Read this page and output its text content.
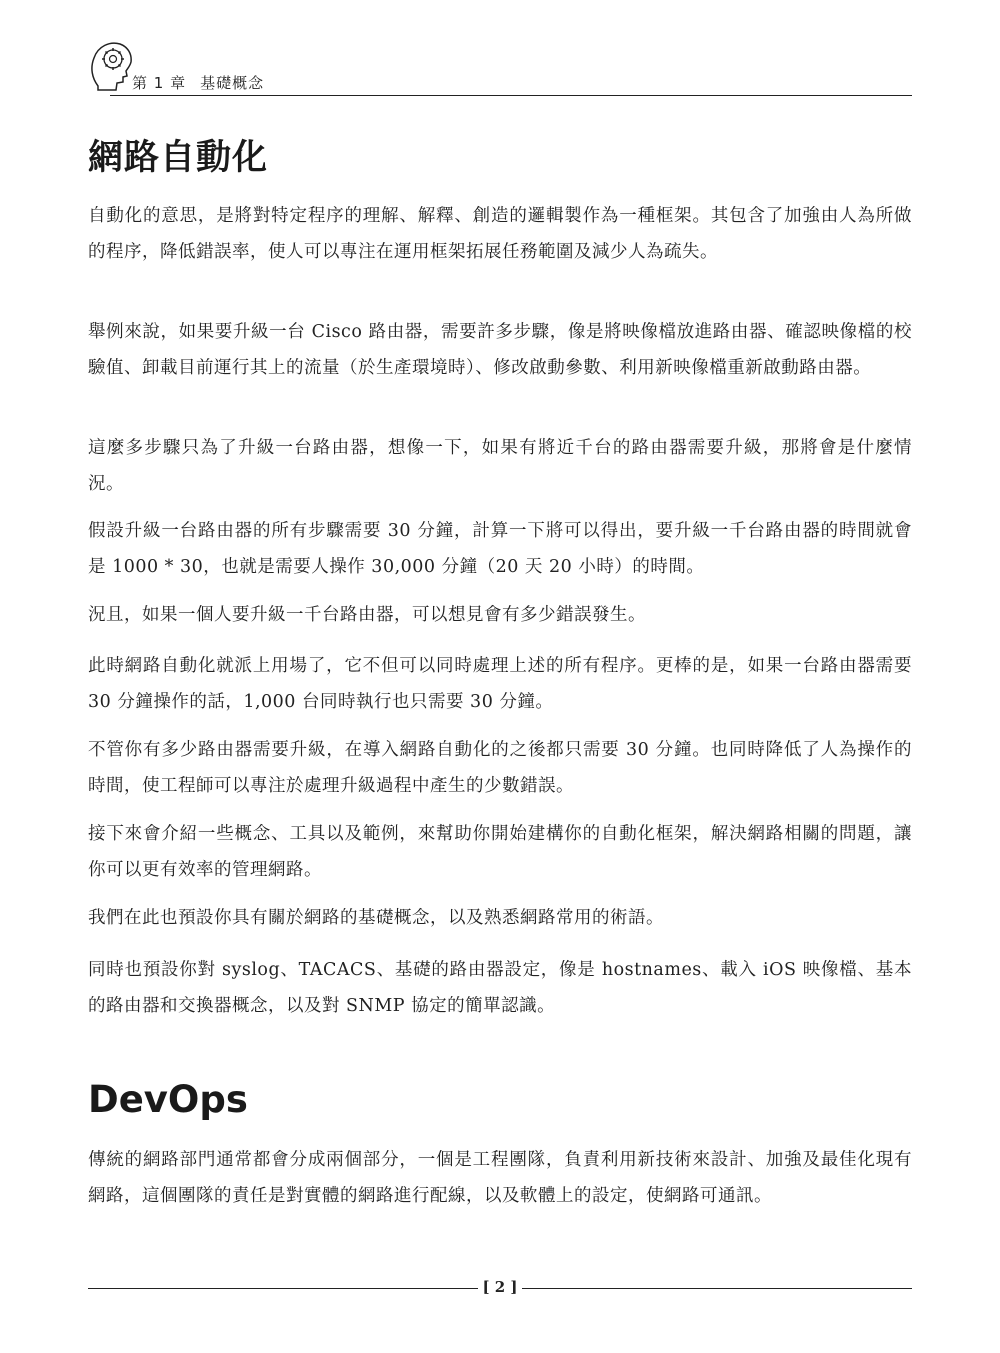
第 1 章 基礎概念
網路自動化

自動化的意思，是將對特定程序的理解、解釋、創造的邏輯製作為一種框架。其包含了加強由人為所做的程序，降低錯誤率，使人可以專注在運用框架拓展任務範圍及減少人為疏失。

舉例來說，如果要升級一台 Cisco 路由器，需要許多步驟，像是將映像檔放進路由器、確認映像檔的校驗值、卸載目前運行其上的流量（於生產環境時）、修改啟動參數、利用新映像檔重新啟動路由器。

這麼多步驟只為了升級一台路由器，想像一下，如果有將近千台的路由器需要升級，那將會是什麼情況。

假設升級一台路由器的所有步驟需要 30 分鐘，計算一下將可以得出，要升級一千台路由器的時間就會是 1000 * 30，也就是需要人操作 30,000 分鐘（20 天 20 小時）的時間。

況且，如果一個人要升級一千台路由器，可以想見會有多少錯誤發生。

此時網路自動化就派上用場了，它不但可以同時處理上述的所有程序。更棒的是，如果一台路由器需要 30 分鐘操作的話，1,000 台同時執行也只需要 30 分鐘。

不管你有多少路由器需要升級，在導入網路自動化的之後都只需要 30 分鐘。也同時降低了人為操作的時間，使工程師可以專注於處理升級過程中產生的少數錯誤。

接下來會介紹一些概念、工具以及範例，來幫助你開始建構你的自動化框架，解決網路相關的問題，讓你可以更有效率的管理網路。

我們在此也預設你具有關於網路的基礎概念，以及熟悉網路常用的術語。

同時也預設你對 syslog、TACACS、基礎的路由器設定，像是 hostnames、載入 iOS 映像檔、基本的路由器和交換器概念，以及對 SNMP 協定的簡單認識。

DevOps

傳統的網路部門通常都會分成兩個部分，一個是工程團隊，負責利用新技術來設計、加強及最佳化現有網路，這個團隊的責任是對實體的網路進行配線，以及軟體上的設定，使網路可通訊。

[ 2 ]
